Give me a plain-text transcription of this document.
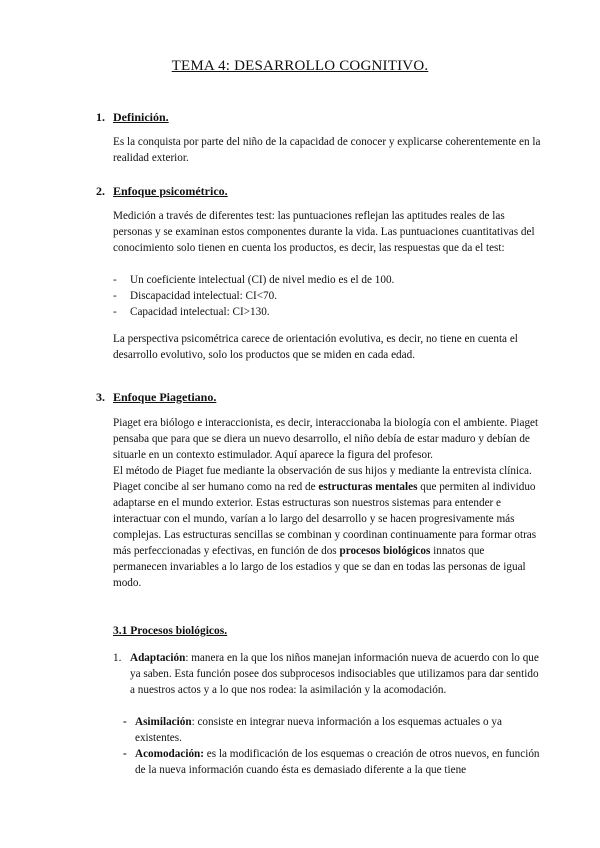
TEMA 4: DESARROLLO COGNITIVO.
1. Definición.
Es la conquista por parte del niño de la capacidad de conocer y explicarse coherentemente en la realidad exterior.
2. Enfoque psicométrico.
Medición a través de diferentes test: las puntuaciones reflejan las aptitudes reales de las personas y se examinan estos componentes durante la vida. Las puntuaciones cuantitativas del conocimiento solo tienen en cuenta los productos, es decir, las respuestas que da el test:
- Un coeficiente intelectual (CI) de nivel medio es el de 100.
- Discapacidad intelectual: CI<70.
- Capacidad intelectual: CI>130.
La perspectiva psicométrica carece de orientación evolutiva, es decir, no tiene en cuenta el desarrollo evolutivo, solo los productos que se miden en cada edad.
3. Enfoque Piagetiano.
Piaget era biólogo e interaccionista, es decir, interaccionaba la biología con el ambiente. Piaget pensaba que para que se diera un nuevo desarrollo, el niño debía de estar maduro y debían de situarle en un contexto estimulador. Aquí aparece la figura del profesor.
El método de Piaget fue mediante la observación de sus hijos y mediante la entrevista clínica.
Piaget concibe al ser humano como na red de estructuras mentales que permiten al individuo adaptarse en el mundo exterior. Estas estructuras son nuestros sistemas para entender e interactuar con el mundo, varían a lo largo del desarrollo y se hacen progresivamente más complejas. Las estructuras sencillas se combinan y coordinan continuamente para formar otras más perfeccionadas y efectivas, en función de dos procesos biológicos innatos que permanecen invariables a lo largo de los estadios y que se dan en todas las personas de igual modo.
3.1 Procesos biológicos.
1. Adaptación: manera en la que los niños manejan información nueva de acuerdo con lo que ya saben. Esta función posee dos subprocesos indisociables que utilizamos para dar sentido a nuestros actos y a lo que nos rodea: la asimilación y la acomodación.
- Asimilación: consiste en integrar nueva información a los esquemas actuales o ya existentes.
- Acomodación: es la modificación de los esquemas o creación de otros nuevos, en función de la nueva información cuando ésta es demasiado diferente a la que tiene
